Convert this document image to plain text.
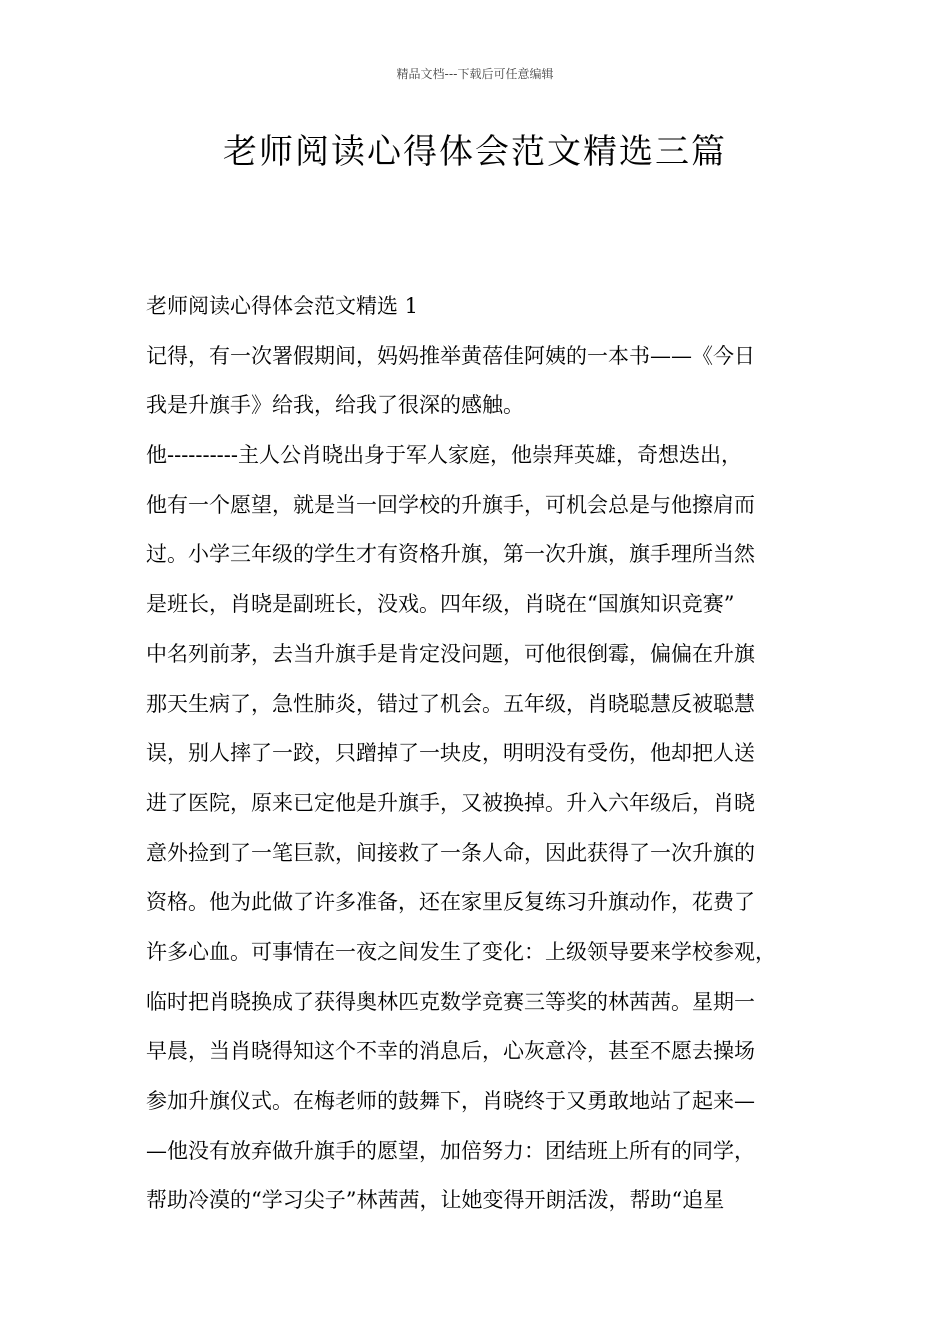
精品文档---下载后可任意编辑
老师阅读心得体会范文精选三篇
老师阅读心得体会范文精选 1
记得，有一次署假期间，妈妈推举黄蓓佳阿姨的一本书——《今日
我是升旗手》给我，给我了很深的感触。
他----------主人公肖晓出身于军人家庭，他崇拜英雄，奇想迭出，
他有一个愿望，就是当一回学校的升旗手，可机会总是与他擦肩而
过。小学三年级的学生才有资格升旗，第一次升旗，旗手理所当然
是班长，肖晓是副班长，没戏。四年级，肖晓在“国旗知识竞赛”
中名列前茅，去当升旗手是肯定没问题，可他很倒霉，偏偏在升旗
那天生病了，急性肺炎，错过了机会。五年级，肖晓聪慧反被聪慧
误，别人摔了一跤，只蹭掉了一块皮，明明没有受伤，他却把人送
进了医院，原来已定他是升旗手，又被换掉。升入六年级后，肖晓
意外捡到了一笔巨款，间接救了一条人命，因此获得了一次升旗的
资格。他为此做了许多准备，还在家里反复练习升旗动作，花费了
许多心血。可事情在一夜之间发生了变化：上级领导要来学校参观，
临时把肖晓换成了获得奥林匹克数学竞赛三等奖的林茜茜。星期一
早晨，当肖晓得知这个不幸的消息后，心灰意冷，甚至不愿去操场
参加升旗仪式。在梅老师的鼓舞下，肖晓终于又勇敢地站了起来—
—他没有放弃做升旗手的愿望，加倍努力：团结班上所有的同学，
帮助冷漠的“学习尖子”林茜茜，让她变得开朗活泼，帮助“追星
